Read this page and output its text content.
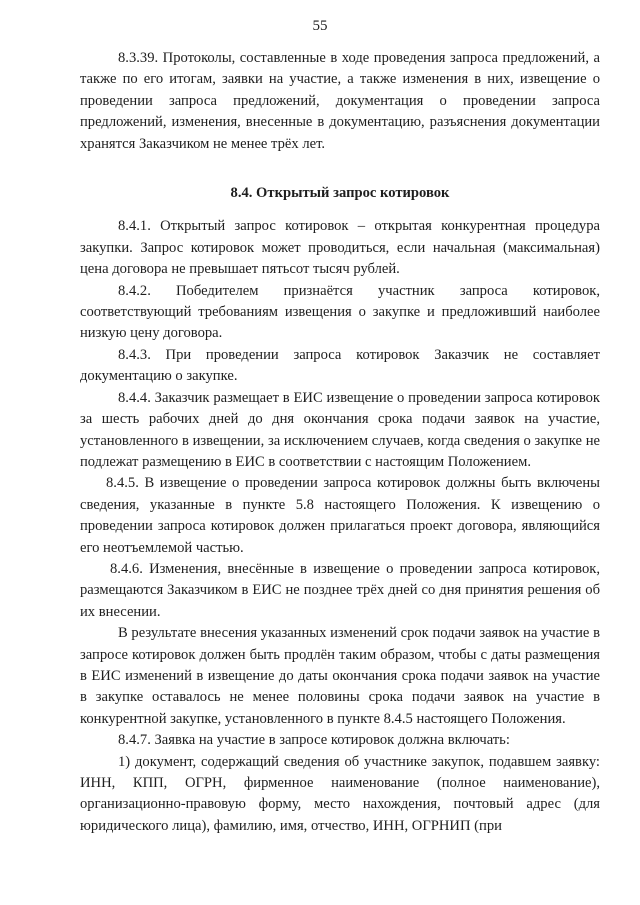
55

8.3.39. Протоколы, составленные в ходе проведения запроса предложений, а также по его итогам, заявки на участие, а также изменения в них, извещение о проведении запроса предложений, документация о проведении запроса предложений, изменения, внесенные в документацию, разъяснения документации хранятся Заказчиком не менее трёх лет.

8.4. Открытый запрос котировок

8.4.1. Открытый запрос котировок – открытая конкурентная процедура закупки. Запрос котировок может проводиться, если начальная (максимальная) цена договора не превышает пятьсот тысяч рублей.

8.4.2. Победителем признаётся участник запроса котировок, соответствующий требованиям извещения о закупке и предложивший наиболее низкую цену договора.

8.4.3. При проведении запроса котировок Заказчик не составляет документацию о закупке.

8.4.4. Заказчик размещает в ЕИС извещение о проведении запроса котировок за шесть рабочих дней до дня окончания срока подачи заявок на участие, установленного в извещении, за исключением случаев, когда сведения о закупке не подлежат размещению в ЕИС в соответствии с настоящим Положением.

8.4.5. В извещение о проведении запроса котировок должны быть включены сведения, указанные в пункте 5.8 настоящего Положения. К извещению о проведении запроса котировок должен прилагаться проект договора, являющийся его неотъемлемой частью.

8.4.6. Изменения, внесённые в извещение о проведении запроса котировок, размещаются Заказчиком в ЕИС не позднее трёх дней со дня принятия решения об их внесении.

В результате внесения указанных изменений срок подачи заявок на участие в запросе котировок должен быть продлён таким образом, чтобы с даты размещения в ЕИС изменений в извещение до даты окончания срока подачи заявок на участие в закупке оставалось не менее половины срока подачи заявок на участие в конкурентной закупке, установленного в пункте 8.4.5 настоящего Положения.

8.4.7. Заявка на участие в запросе котировок должна включать:

1) документ, содержащий сведения об участнике закупок, подавшем заявку: ИНН, КПП, ОГРН, фирменное наименование (полное наименование), организационно-правовую форму, место нахождения, почтовый адрес (для юридического лица), фамилию, имя, отчество, ИНН, ОГРНИП (при
